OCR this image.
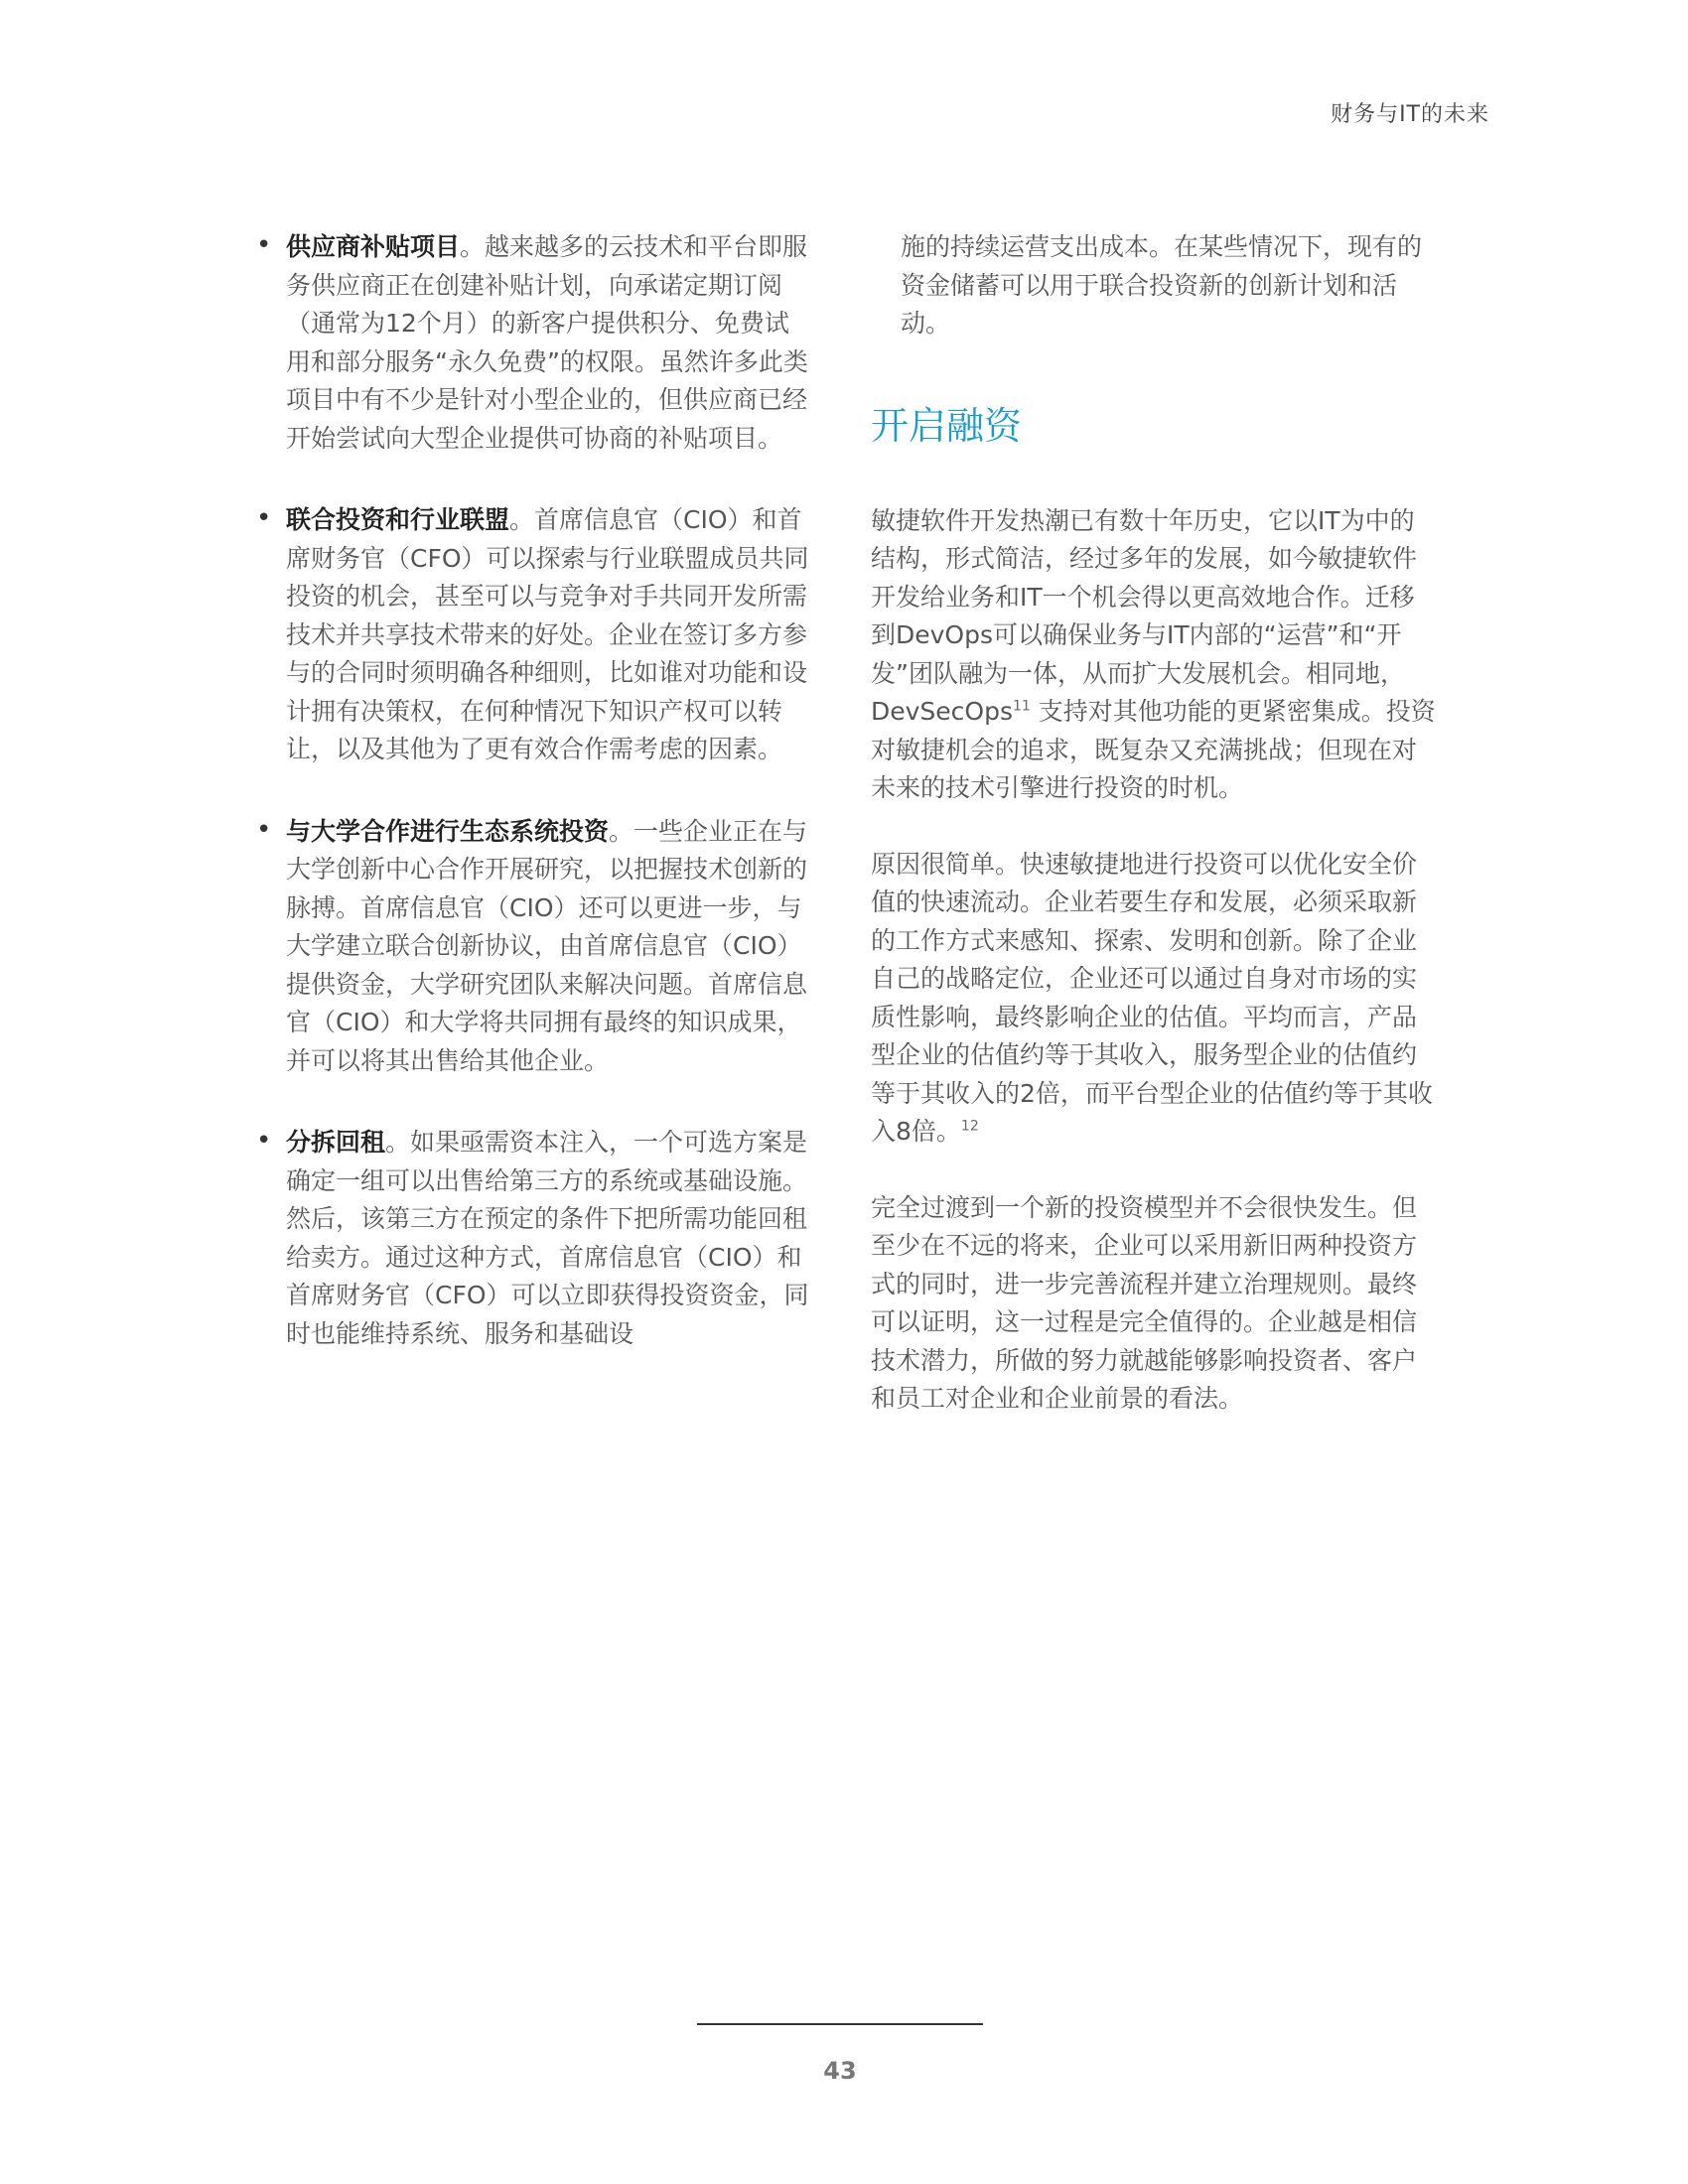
财务与IT的未来
• 供应商补贴项目。越来越多的云技术和平台即服务供应商正在创建补贴计划，向承诺定期订阅（通常为12个月）的新客户提供积分、免费试用和部分服务“永久免费”的权限。虽然许多此类项目中有不少是针对小型企业的，但供应商已经开始尝试向大型企业提供可协商的补贴项目。

• 联合投资和行业联盟。首席信息官（CIO）和首席财务官（CFO）可以探索与行业联盟成员共同投资的机会，甚至可以与竞争对手共同开发所需技术并共享技术带来的好处。企业在签订多方参与的合同时须明确各种细则，比如谁对功能和设计拥有决策权，在何种情况下知识产权可以转让，以及其他为了更有效合作需考虑的因素。

• 与大学合作进行生态系统投资。一些企业正在与大学创新中心合作开展研究，以把握技术创新的脉搏。首席信息官（CIO）还可以更进一步，与大学建立联合创新协议，由首席信息官（CIO）提供资金，大学研究团队来解决问题。首席信息官（CIO）和大学将共同拥有最终的知识成果，并可以将其出售给其他企业。

• 分拆回租。如果亟需资本注入，一个可选方案是确定一组可以出售给第三方的系统或基础设施。然后，该第三方在预定的条件下把所需功能回租给卖方。通过这种方式，首席信息官（CIO）和首席财务官（CFO）可以立即获得投资资金，同时也能维持系统、服务和基础设

施的持续运营支出成本。在某些情况下，现有的资金储蓄可以用于联合投资新的创新计划和活动。

开启融资

敏捷软件开发热潮已有数十年历史，它以IT为中的结构，形式简洁，经过多年的发展，如今敏捷软件开发给业务和IT一个机会得以更高效地合作。迁移到DevOps可以确保业务与IT内部的“运营”和“开发”团队融为一体，从而扩大发展机会。相同地，DevSecOps$^{11}$ 支持对其他功能的更紧密集成。投资对敏捷机会的追求，既复杂又充满挑战；但现在对未来的技术引擎进行投资的时机。

原因很简单。快速敏捷地进行投资可以优化安全价值的快速流动。企业若要生存和发展，必须采取新的工作方式来感知、探索、发明和创新。除了企业自己的战略定位，企业还可以通过自身对市场的实质性影响，最终影响企业的估值。平均而言，产品型企业的估值约等于其收入，服务型企业的估值约等于其收入的2倍，而平台型企业的估值约等于其收入8倍。$^{12}$

完全过渡到一个新的投资模型并不会很快发生。但至少在不远的将来，企业可以采用新旧两种投资方式的同时，进一步完善流程并建立治理规则。最终可以证明，这一过程是完全值得的。企业越是相信技术潜力，所做的努力就越能够影响投资者、客户和员工对企业和企业前景的看法。

43
